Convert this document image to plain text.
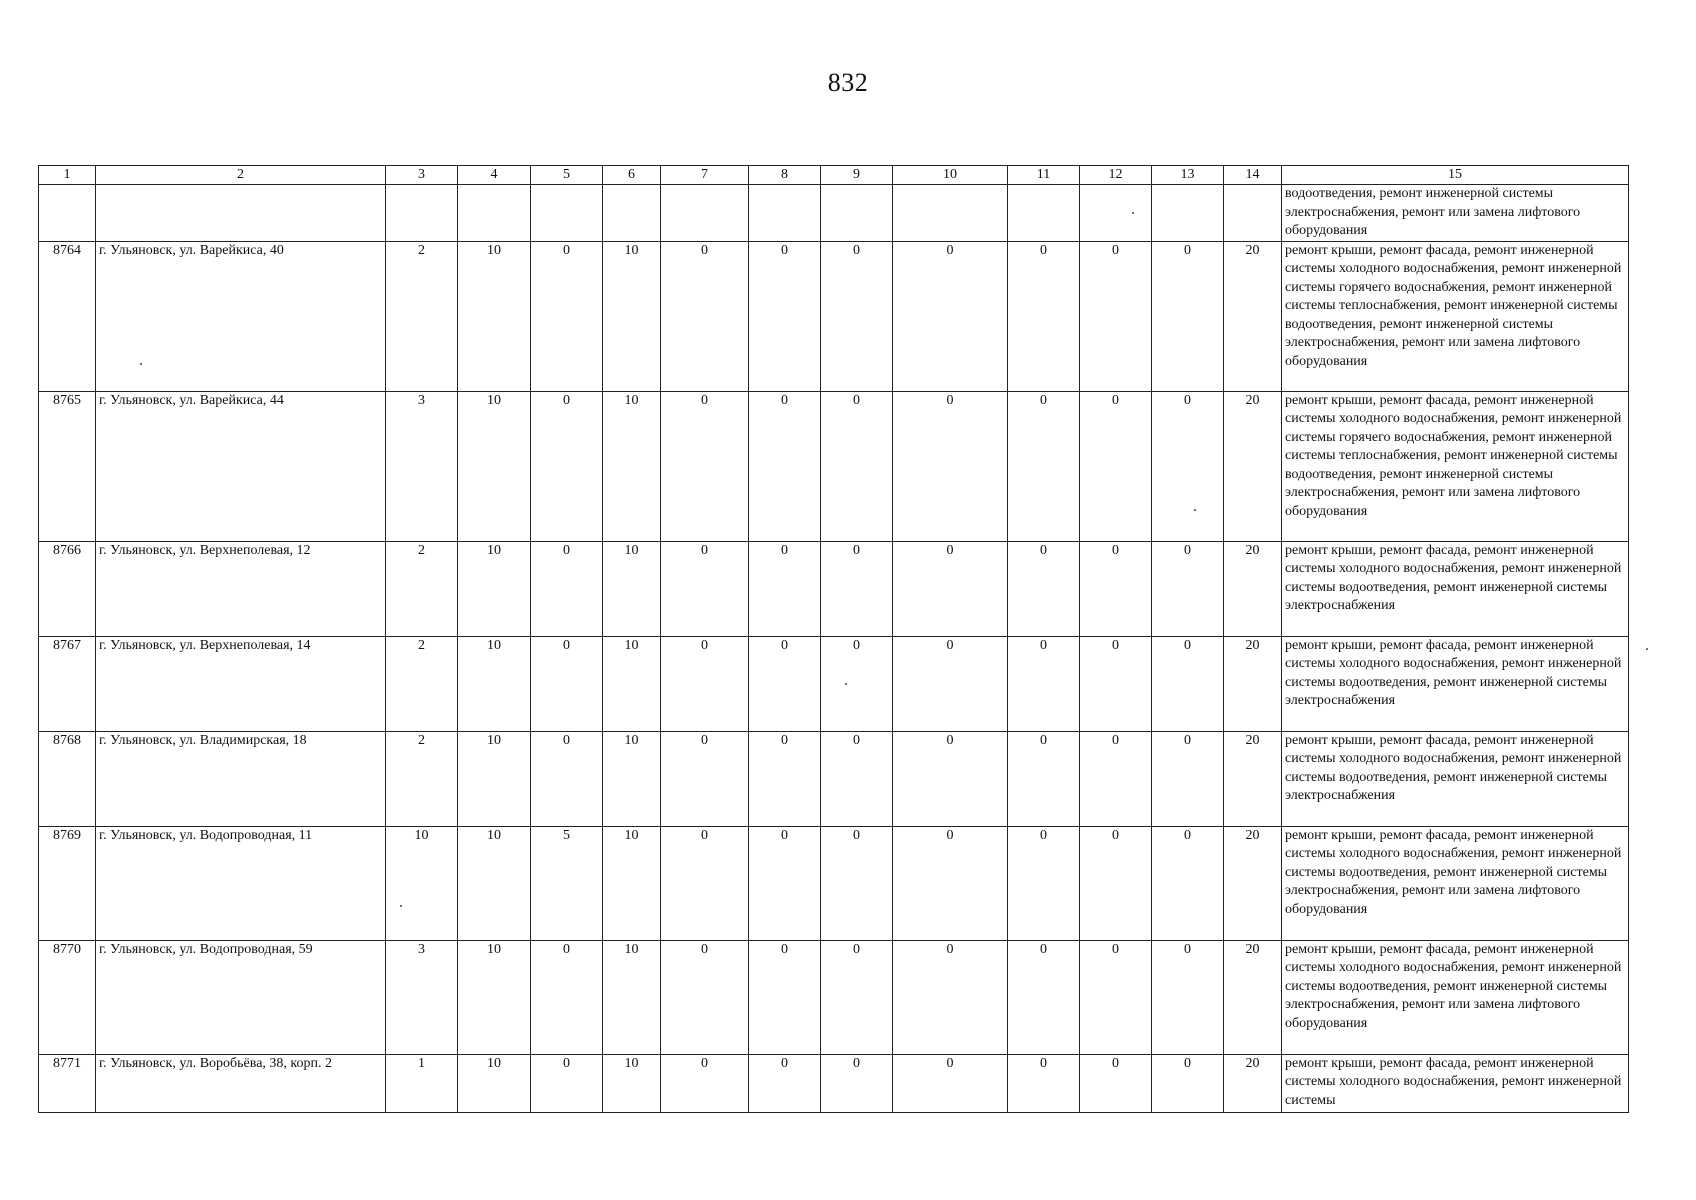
832
1	2	3	4	5	6	7	8	9	10	11	12	13	14	15
														водоотведения, ремонт инженерной системы электроснабжения, ремонт или замена лифтового оборудования
8764	г. Ульяновск, ул. Варейкиса, 40	2	10	0	10	0	0	0	0	0	0	0	20	ремонт крыши, ремонт фасада, ремонт инженерной системы холодного водоснабжения, ремонт инженерной системы горячего водоснабжения, ремонт инженерной системы теплоснабжения, ремонт инженерной системы водоотведения, ремонт инженерной системы электроснабжения, ремонт или замена лифтового оборудования
8765	г. Ульяновск, ул. Варейкиса, 44	3	10	0	10	0	0	0	0	0	0	0	20	ремонт крыши, ремонт фасада, ремонт инженерной системы холодного водоснабжения, ремонт инженерной системы горячего водоснабжения, ремонт инженерной системы теплоснабжения, ремонт инженерной системы водоотведения, ремонт инженерной системы электроснабжения, ремонт или замена лифтового оборудования
8766	г. Ульяновск, ул. Верхнеполевая, 12	2	10	0	10	0	0	0	0	0	0	0	20	ремонт крыши, ремонт фасада, ремонт инженерной системы холодного водоснабжения, ремонт инженерной системы водоотведения, ремонт инженерной системы электроснабжения
8767	г. Ульяновск, ул. Верхнеполевая, 14	2	10	0	10	0	0	0	0	0	0	0	20	ремонт крыши, ремонт фасада, ремонт инженерной системы холодного водоснабжения, ремонт инженерной системы водоотведения, ремонт инженерной системы электроснабжения
8768	г. Ульяновск, ул. Владимирская, 18	2	10	0	10	0	0	0	0	0	0	0	20	ремонт крыши, ремонт фасада, ремонт инженерной системы холодного водоснабжения, ремонт инженерной системы водоотведения, ремонт инженерной системы электроснабжения
8769	г. Ульяновск, ул. Водопроводная, 11	10	10	5	10	0	0	0	0	0	0	0	20	ремонт крыши, ремонт фасада, ремонт инженерной системы холодного водоснабжения, ремонт инженерной системы водоотведения, ремонт инженерной системы электроснабжения, ремонт или замена лифтового оборудования
8770	г. Ульяновск, ул. Водопроводная, 59	3	10	0	10	0	0	0	0	0	0	0	20	ремонт крыши, ремонт фасада, ремонт инженерной системы холодного водоснабжения, ремонт инженерной системы водоотведения, ремонт инженерной системы электроснабжения, ремонт или замена лифтового оборудования
8771	г. Ульяновск, ул. Воробьёва, 38, корп. 2	1	10	0	10	0	0	0	0	0	0	0	20	ремонт крыши, ремонт фасада, ремонт инженерной системы холодного водоснабжения, ремонт инженерной системы
